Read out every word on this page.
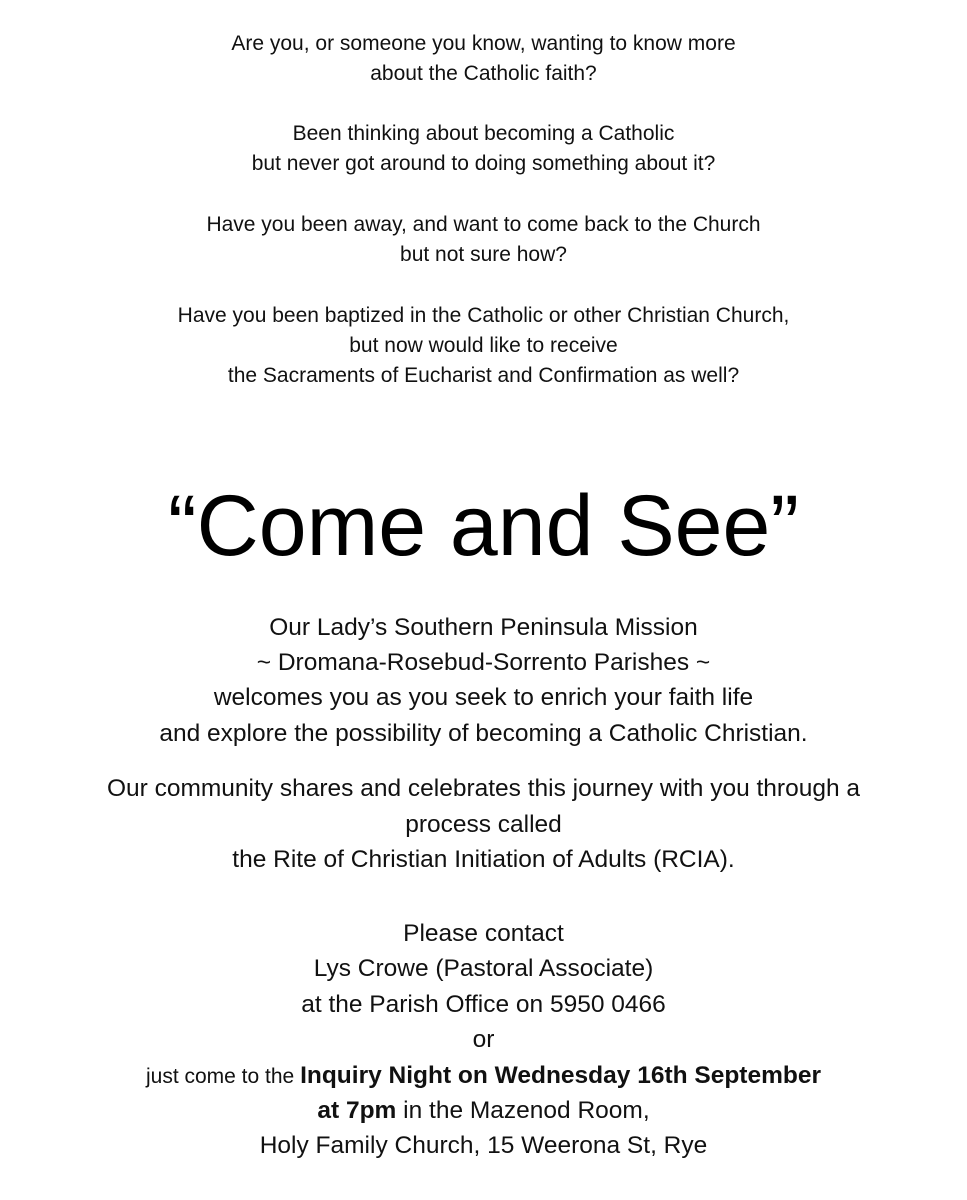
Are you, or someone you know, wanting to know more
about the Catholic faith?
Been thinking about becoming a Catholic
but never got around to doing something about it?
Have you been away, and want to come back to the Church
but not sure how?
Have you been baptized in the Catholic or other Christian Church,
but now would like to receive
the Sacraments of Eucharist and Confirmation as well?
“Come and See”
Our Lady’s Southern Peninsula Mission
~ Dromana-Rosebud-Sorrento Parishes ~
welcomes you as you seek to enrich your faith life
and explore the possibility of becoming a Catholic Christian.
Our community shares and celebrates this journey with you through a
process called
the Rite of Christian Initiation of Adults (RCIA).
Please contact
Lys Crowe (Pastoral Associate)
at the Parish Office on 5950 0466
or
just come to the Inquiry Night on Wednesday 16th September
at 7pm in the Mazenod Room,
Holy Family Church, 15 Weerona St, Rye
